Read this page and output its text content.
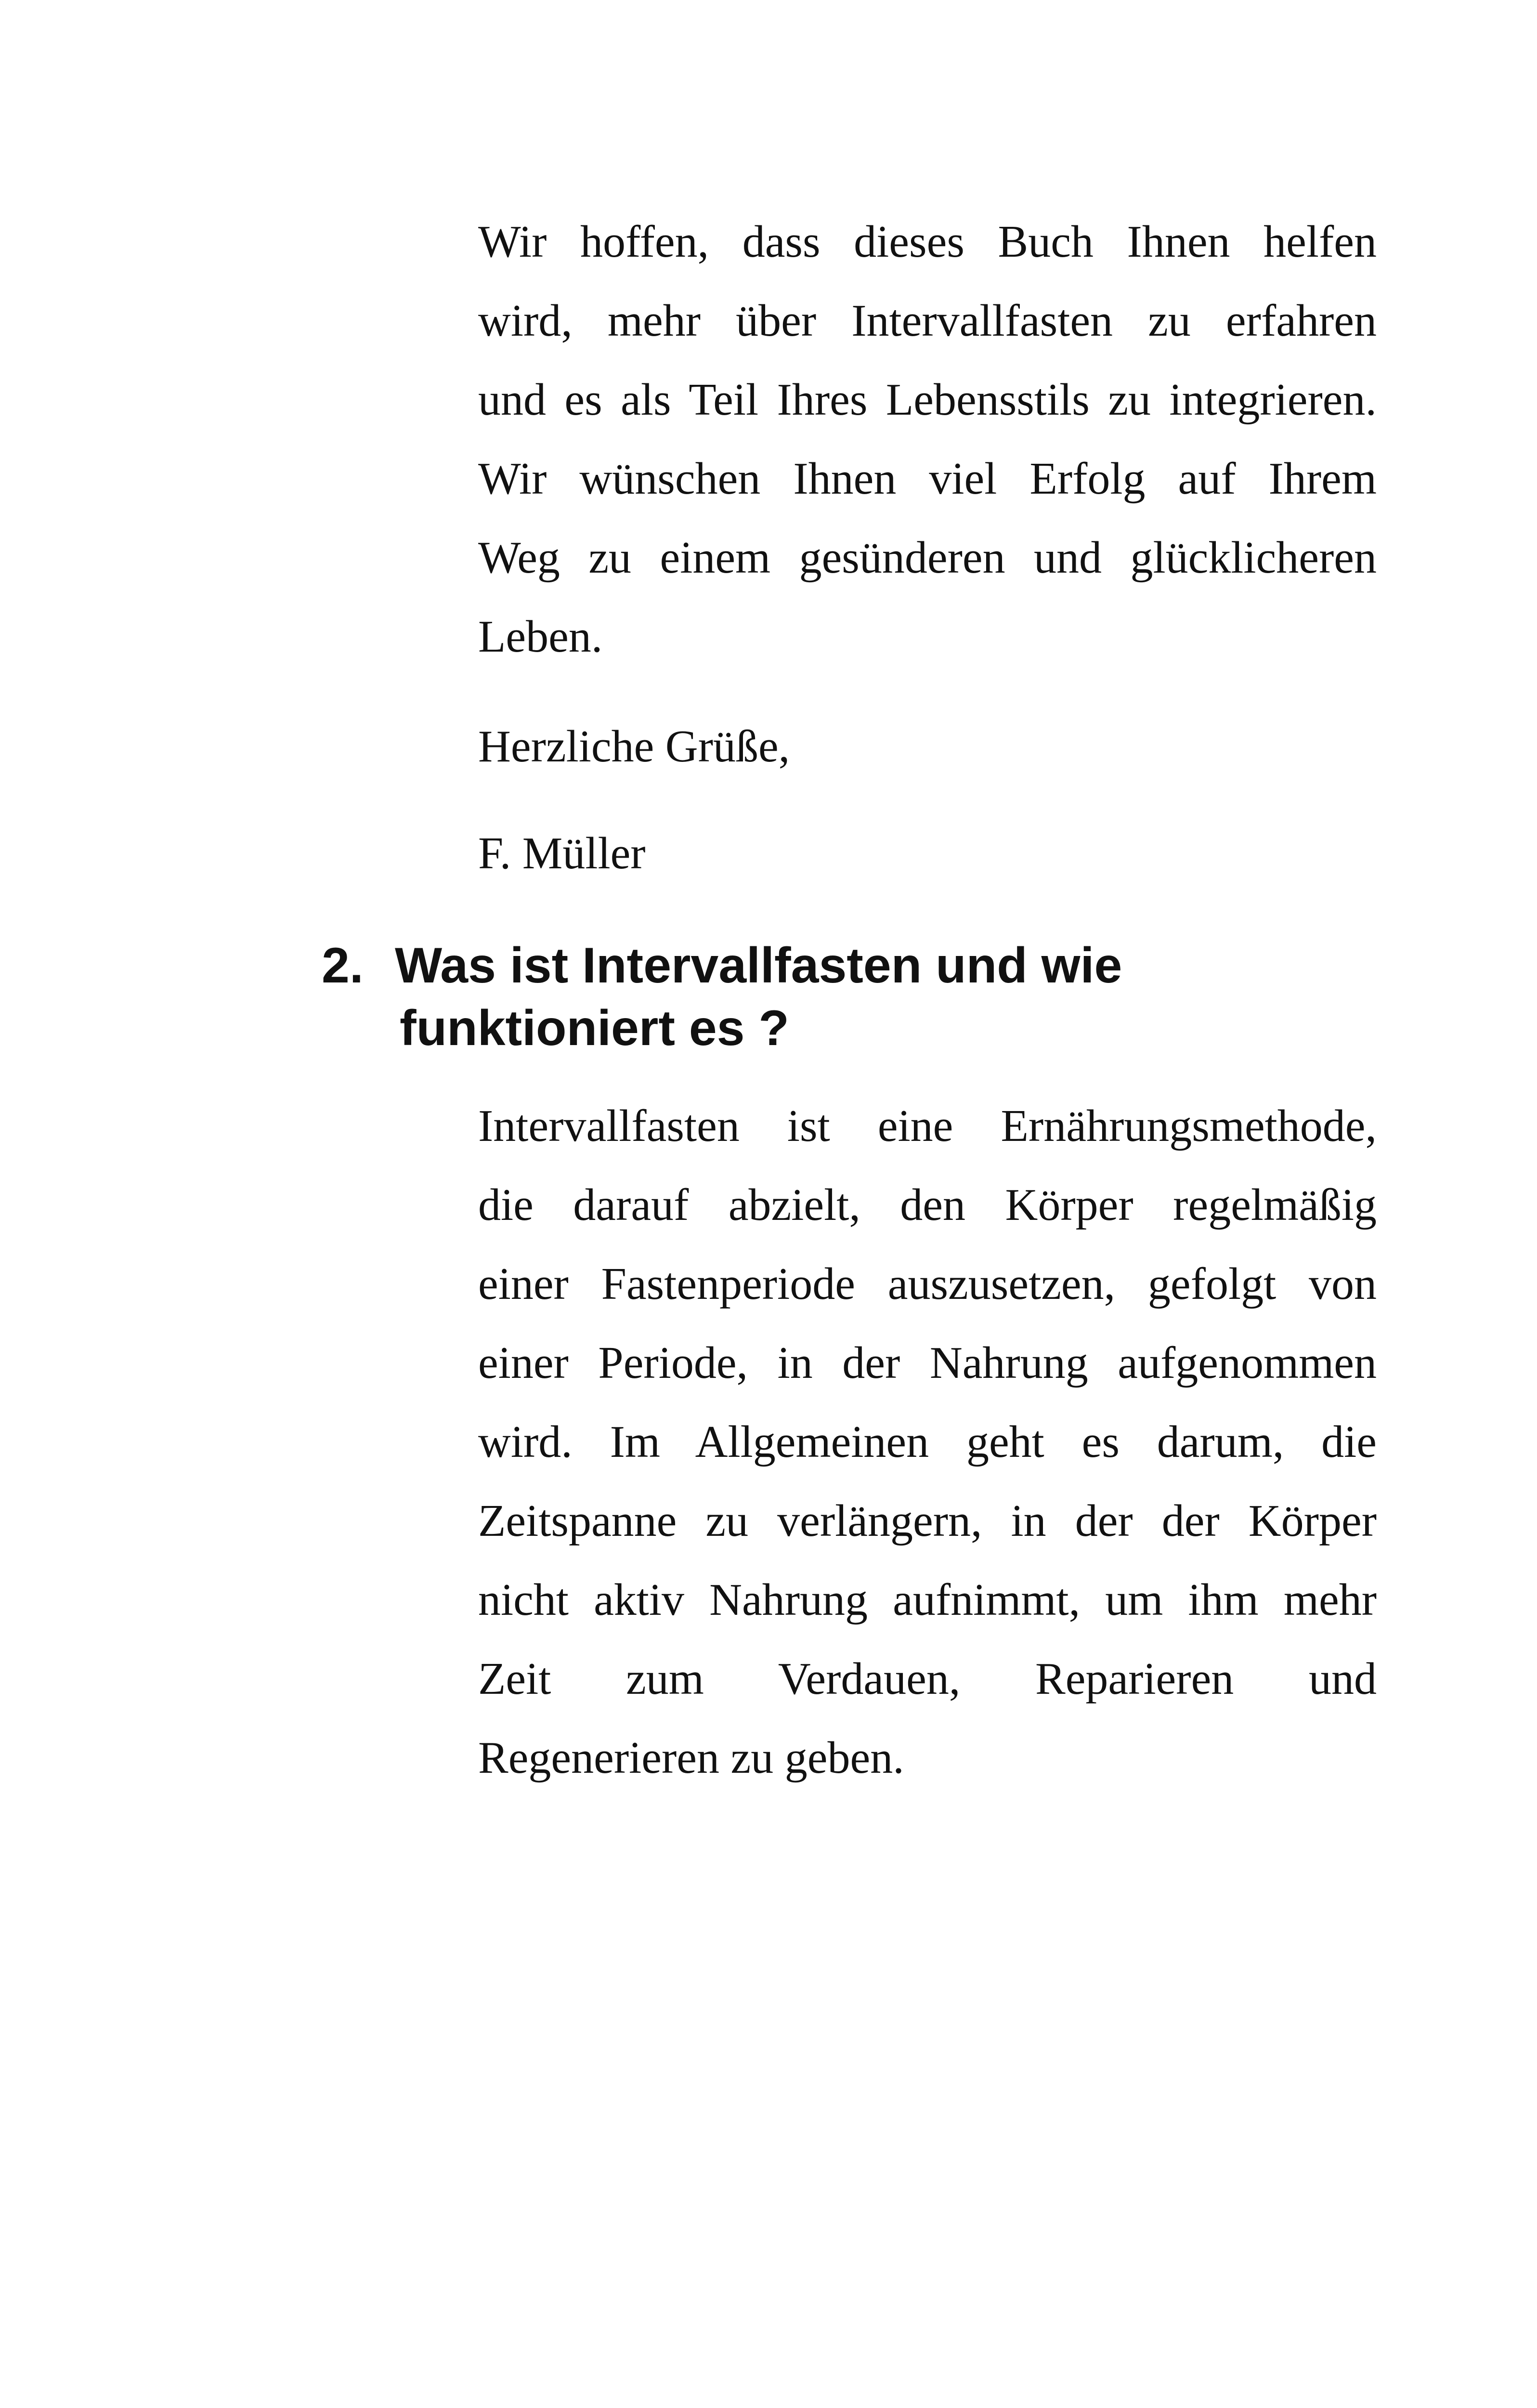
Wir hoffen, dass dieses Buch Ihnen helfen
wird, mehr über Intervallfasten zu erfahren
und es als Teil Ihres Lebensstils zu integrieren.
Wir wünschen Ihnen viel Erfolg auf Ihrem
Weg zu einem gesünderen und glücklicheren
Leben.
Herzliche Grüße,
F. Müller
2. Was ist Intervallfasten und wie
funktioniert es ?
Intervallfasten ist eine Ernährungsmethode,
die darauf abzielt, den Körper regelmäßig
einer Fastenperiode auszusetzen, gefolgt von
einer Periode, in der Nahrung aufgenommen
wird. Im Allgemeinen geht es darum, die
Zeitspanne zu verlängern, in der der Körper
nicht aktiv Nahrung aufnimmt, um ihm mehr
Zeit zum Verdauen, Reparieren und
Regenerieren zu geben.
